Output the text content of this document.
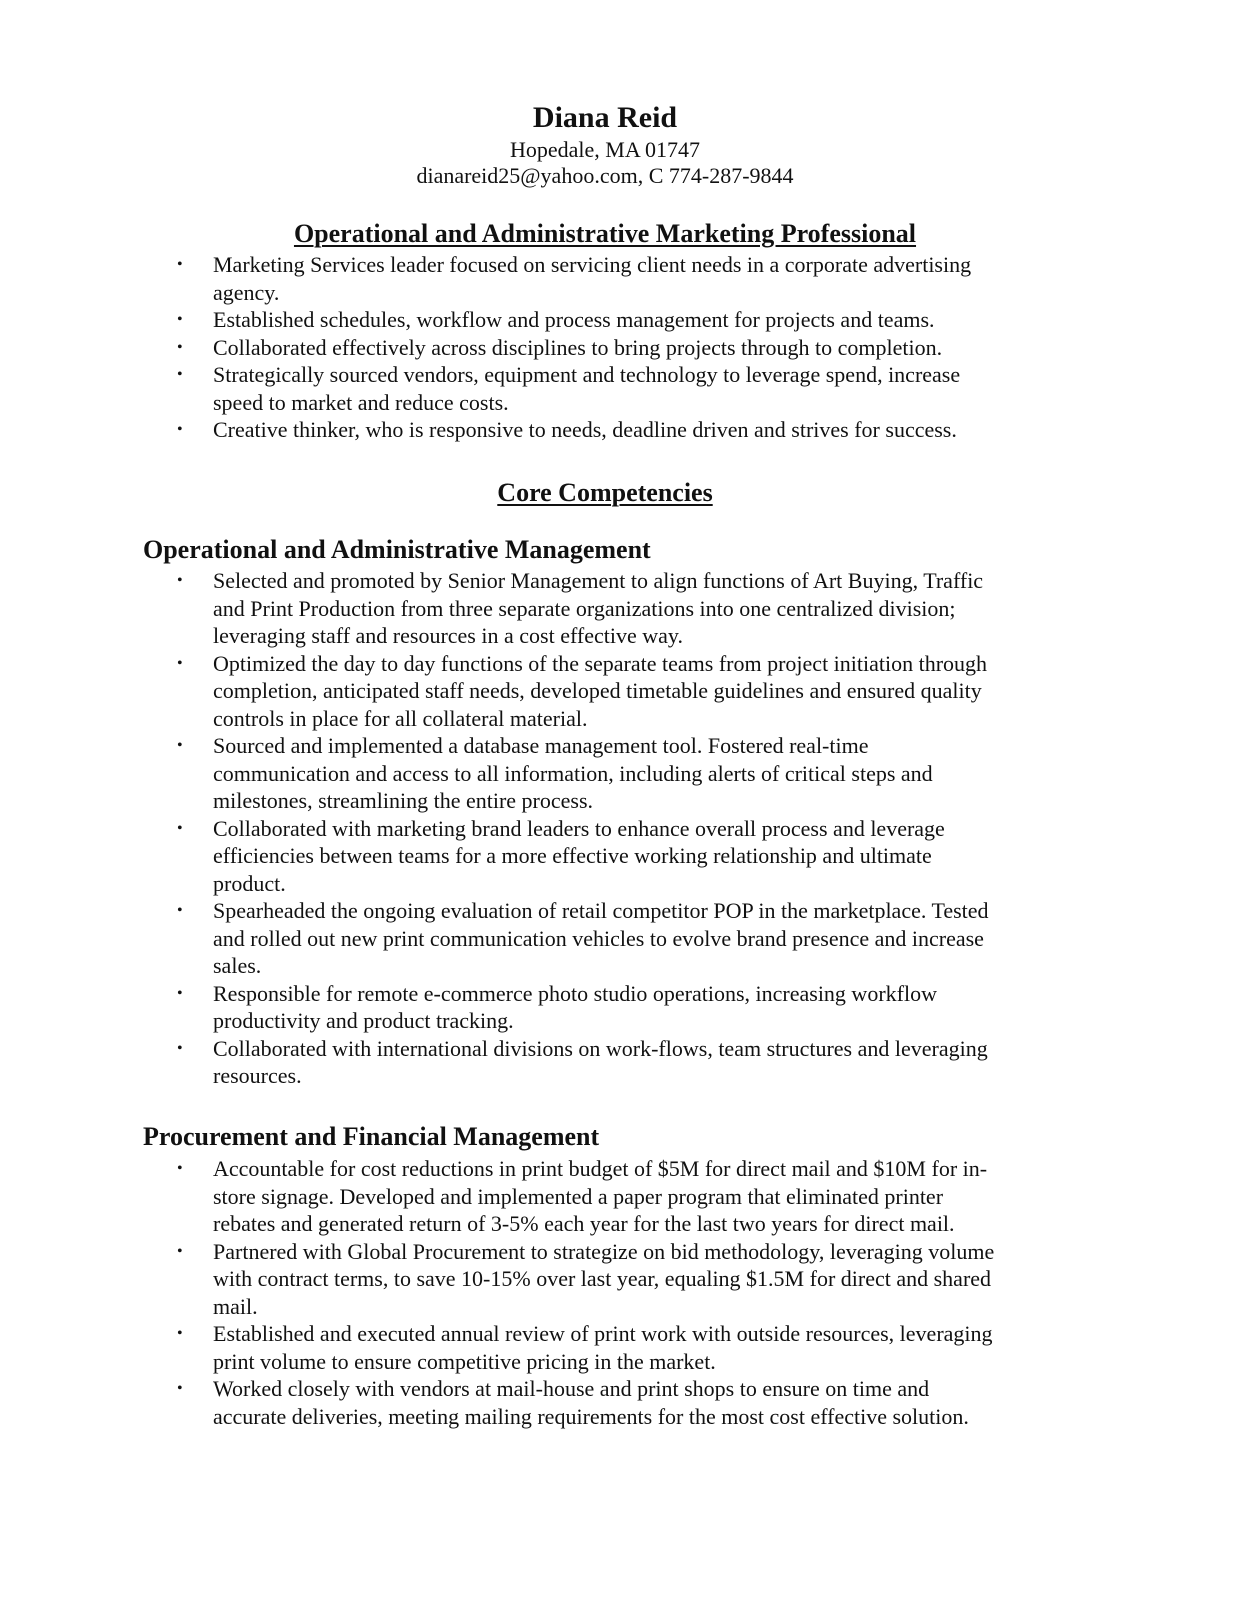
Diana Reid
Hopedale, MA 01747
dianareid25@yahoo.com, C 774-287-9844
Operational and Administrative Marketing Professional
• Marketing Services leader focused on servicing client needs in a corporate advertising
agency.
• Established schedules, workflow and process management for projects and teams.
• Collaborated effectively across disciplines to bring projects through to completion.
• Strategically sourced vendors, equipment and technology to leverage spend, increase
speed to market and reduce costs.
• Creative thinker, who is responsive to needs, deadline driven and strives for success.
Core Competencies
Operational and Administrative Management
• Selected and promoted by Senior Management to align functions of Art Buying, Traffic
and Print Production from three separate organizations into one centralized division;
leveraging staff and resources in a cost effective way.
• Optimized the day to day functions of the separate teams from project initiation through
completion, anticipated staff needs, developed timetable guidelines and ensured quality
controls in place for all collateral material.
• Sourced and implemented a database management tool. Fostered real-time
communication and access to all information, including alerts of critical steps and
milestones, streamlining the entire process.
• Collaborated with marketing brand leaders to enhance overall process and leverage
efficiencies between teams for a more effective working relationship and ultimate
product.
• Spearheaded the ongoing evaluation of retail competitor POP in the marketplace. Tested
and rolled out new print communication vehicles to evolve brand presence and increase
sales.
• Responsible for remote e-commerce photo studio operations, increasing workflow
productivity and product tracking.
• Collaborated with international divisions on work-flows, team structures and leveraging
resources.
Procurement and Financial Management
• Accountable for cost reductions in print budget of $5M for direct mail and $10M for in-
store signage. Developed and implemented a paper program that eliminated printer
rebates and generated return of 3-5% each year for the last two years for direct mail.
• Partnered with Global Procurement to strategize on bid methodology, leveraging volume
with contract terms, to save 10-15% over last year, equaling $1.5M for direct and shared
mail.
• Established and executed annual review of print work with outside resources, leveraging
print volume to ensure competitive pricing in the market.
• Worked closely with vendors at mail-house and print shops to ensure on time and
accurate deliveries, meeting mailing requirements for the most cost effective solution.
